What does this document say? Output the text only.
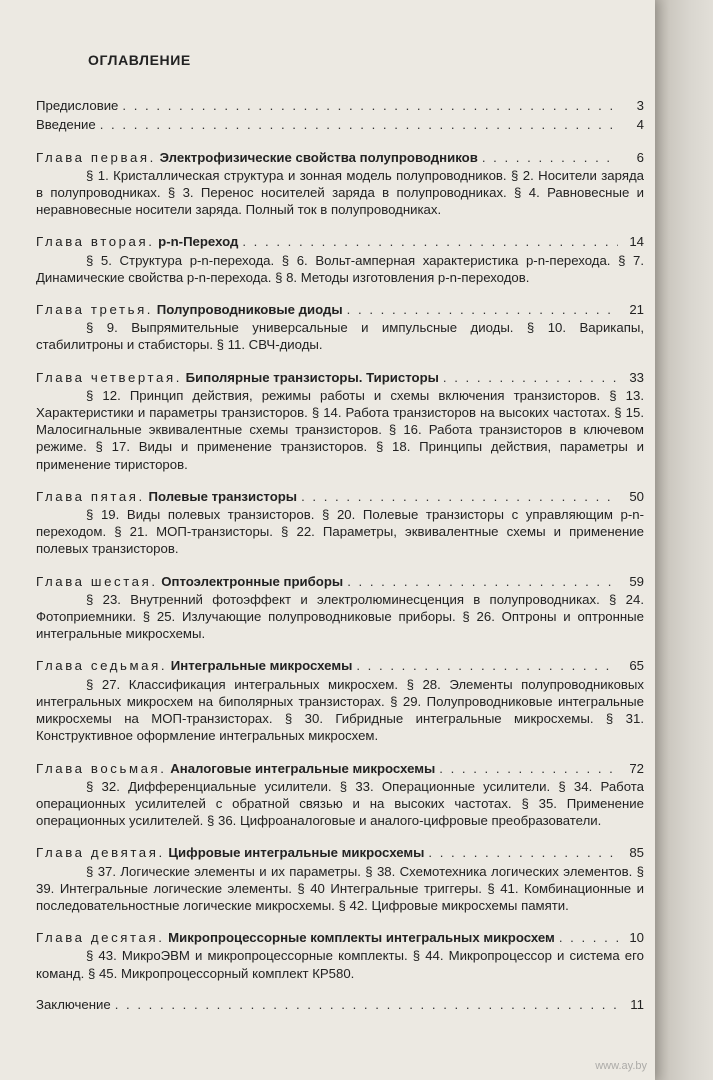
ОГЛАВЛЕНИЕ
Предисловие . . .	3
Введение . . .	4
Глава первая. Электрофизические свойства полупроводников . . .	6
§ 1. Кристаллическая структура и зонная модель полупроводников. § 2. Носители заряда в полупроводниках. § 3. Перенос носителей заряда в полупроводниках. § 4. Равновесные и неравновесные носители заряда. Полный ток в полупроводниках.
Глава вторая. p-n-Переход . . .	14
§ 5. Структура p-n-перехода. § 6. Вольт-амперная характеристика p-n-перехода. § 7. Динамические свойства p-n-перехода. § 8. Методы изготовления p-n-переходов.
Глава третья. Полупроводниковые диоды . . .	21
§ 9. Выпрямительные универсальные и импульсные диоды. § 10. Варикапы, стабилитроны и стабисторы. § 11. СВЧ-диоды.
Глава четвертая. Биполярные транзисторы. Тиристоры . . .	33
§ 12. Принцип действия, режимы работы и схемы включения транзисторов. § 13. Характеристики и параметры транзисторов. § 14. Работа транзисторов на высоких частотах. § 15. Малосигнальные эквивалентные схемы транзисторов. § 16. Работа транзисторов в ключевом режиме. § 17. Виды и применение транзисторов. § 18. Принципы действия, параметры и применение тиристоров.
Глава пятая. Полевые транзисторы . . .	50
§ 19. Виды полевых транзисторов. § 20. Полевые транзисторы с управляющим p-n-переходом. § 21. МОП-транзисторы. § 22. Параметры, эквивалентные схемы и применение полевых транзисторов.
Глава шестая. Оптоэлектронные приборы . . .	59
§ 23. Внутренний фотоэффект и электролюминесценция в полупроводниках. § 24. Фотоприемники. § 25. Излучающие полупроводниковые приборы. § 26. Оптроны и оптронные интегральные микросхемы.
Глава седьмая. Интегральные микросхемы . . .	65
§ 27. Классификация интегральных микросхем. § 28. Элементы полупроводниковых интегральных микросхем на биполярных транзисторах. § 29. Полупроводниковые интегральные микросхемы на МОП-транзисторах. § 30. Гибридные интегральные микросхемы. § 31. Конструктивное оформление интегральных микросхем.
Глава восьмая. Аналоговые интегральные микросхемы . . .	72
§ 32. Дифференциальные усилители. § 33. Операционные усилители. § 34. Работа операционных усилителей с обратной связью и на высоких частотах. § 35. Применение операционных усилителей. § 36. Цифроаналоговые и аналого-цифровые преобразователи.
Глава девятая. Цифровые интегральные микросхемы . . .	85
§ 37. Логические элементы и их параметры. § 38. Схемотехника логических элементов. § 39. Интегральные логические элементы. § 40 Интегральные триггеры. § 41. Комбинационные и последовательностные логические микросхемы. § 42. Цифровые микросхемы памяти.
Глава десятая. Микропроцессорные комплекты интегральных микросхем . . .	10
§ 43. МикроЭВМ и микропроцессорные комплекты. § 44. Микропроцессор и система его команд. § 45. Микропроцессорный комплект КР580.
Заключение . . .	11
www.ay.by
